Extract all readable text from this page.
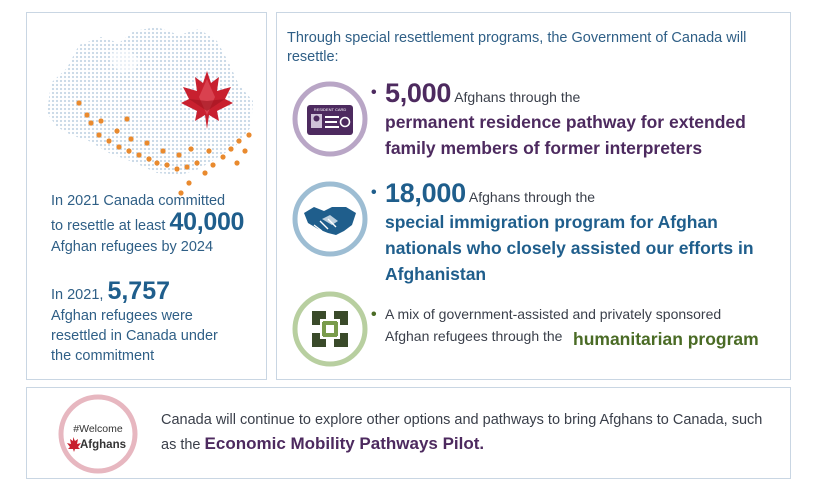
In 2021 Canada committed
to resettle at least 40,000
Afghan refugees by 2024
In 2021, 5,757
Afghan refugees were resettled in Canada under the commitment
Through special resettlement programs, the Government of Canada will resettle:
RESIDENT CARD
• 5,000 Afghans through the
permanent residence pathway for extended family members of former interpreters
• 18,000 Afghans through the
special immigration program for Afghan nationals who closely assisted our efforts in Afghanistan
• A mix of government-assisted and privately sponsored Afghan refugees through the humanitarian program
#Welcome
Afghans
Canada will continue to explore other options and pathways to bring Afghans to Canada, such as the Economic Mobility Pathways Pilot.
